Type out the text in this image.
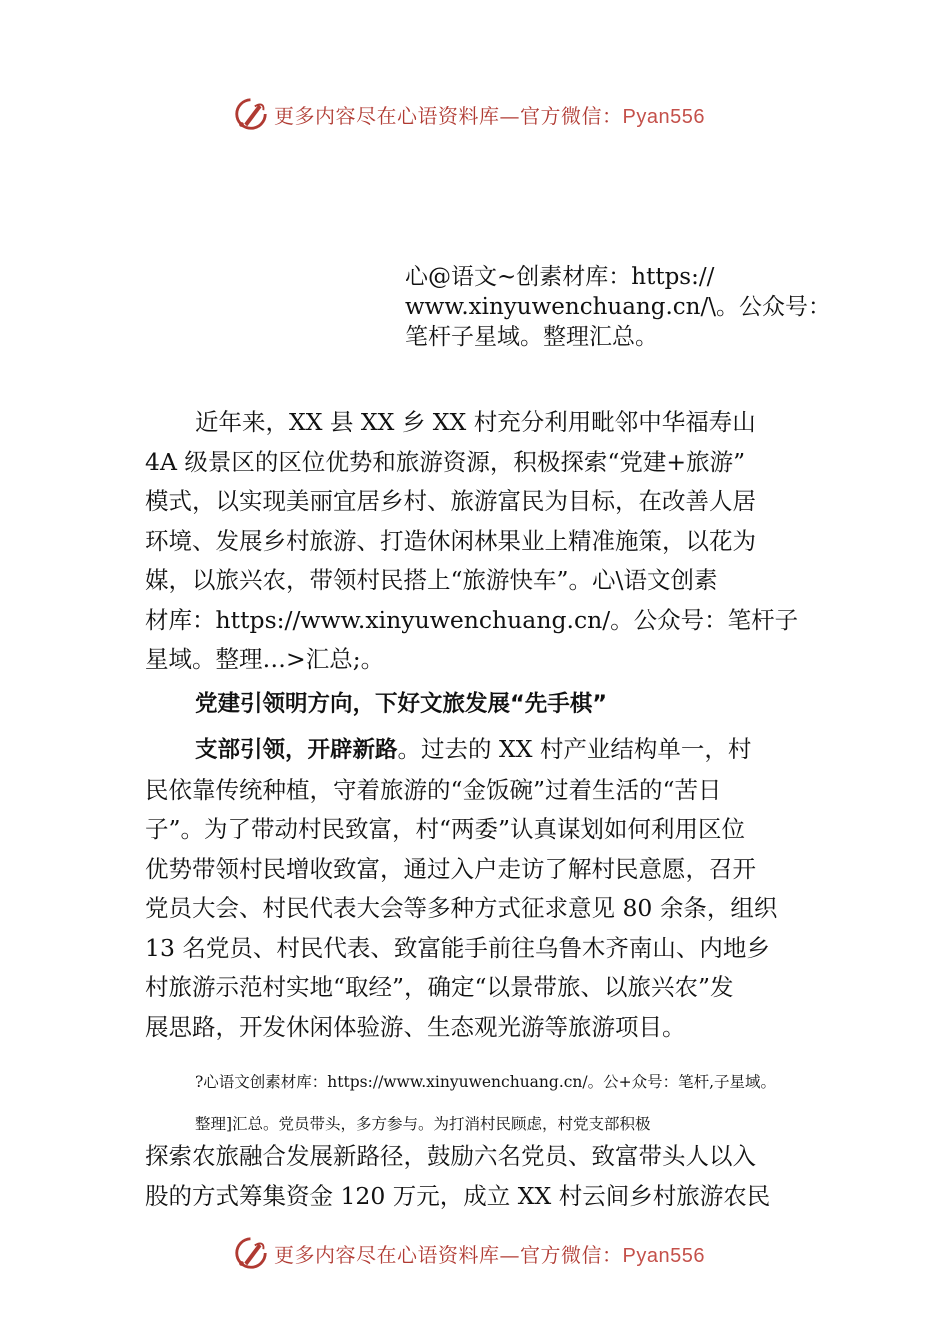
更多内容尽在心语资料库—官方微信：Pyan556

心@语文~创素材库：https://

www.xinyuwenchuang.cn/\。公众号：

笔杆子星域。整理汇总。

近年来，XX 县 XX 乡 XX 村充分利用毗邻中华福寿山
4A 级景区的区位优势和旅游资源，积极探索“党建+旅游”
模式，以实现美丽宜居乡村、旅游富民为目标，在改善人居
环境、发展乡村旅游、打造休闲林果业上精准施策，以花为
媒，以旅兴农，带领村民搭上“旅游快车”。心\语文创素
材库：https://www.xinyuwenchuang.cn/。公众号：笔杆子
星域。整理…>汇总;。

党建引领明方向，下好文旅发展“先手棋”

支部引领，开辟新路。过去的 XX 村产业结构单一，村
民依靠传统种植，守着旅游的“金饭碗”过着生活的“苦日
子”。为了带动村民致富，村“两委”认真谋划如何利用区位
优势带领村民增收致富，通过入户走访了解村民意愿，召开
党员大会、村民代表大会等多种方式征求意见 80 余条，组织
13 名党员、村民代表、致富能手前往乌鲁木齐南山、内地乡
村旅游示范村实地“取经”，确定“以景带旅、以旅兴农”发
展思路，开发休闲体验游、生态观光游等旅游项目。

?心语文创素材库：https://www.xinyuwenchuang.cn/。公+众号：笔杆,子星域。

整理]汇总。党员带头，多方参与。为打消村民顾虑，村党支部积极

探索农旅融合发展新路径，鼓励六名党员、致富带头人以入
股的方式筹集资金 120 万元，成立 XX 村云间乡村旅游农民

更多内容尽在心语资料库—官方微信：Pyan556
